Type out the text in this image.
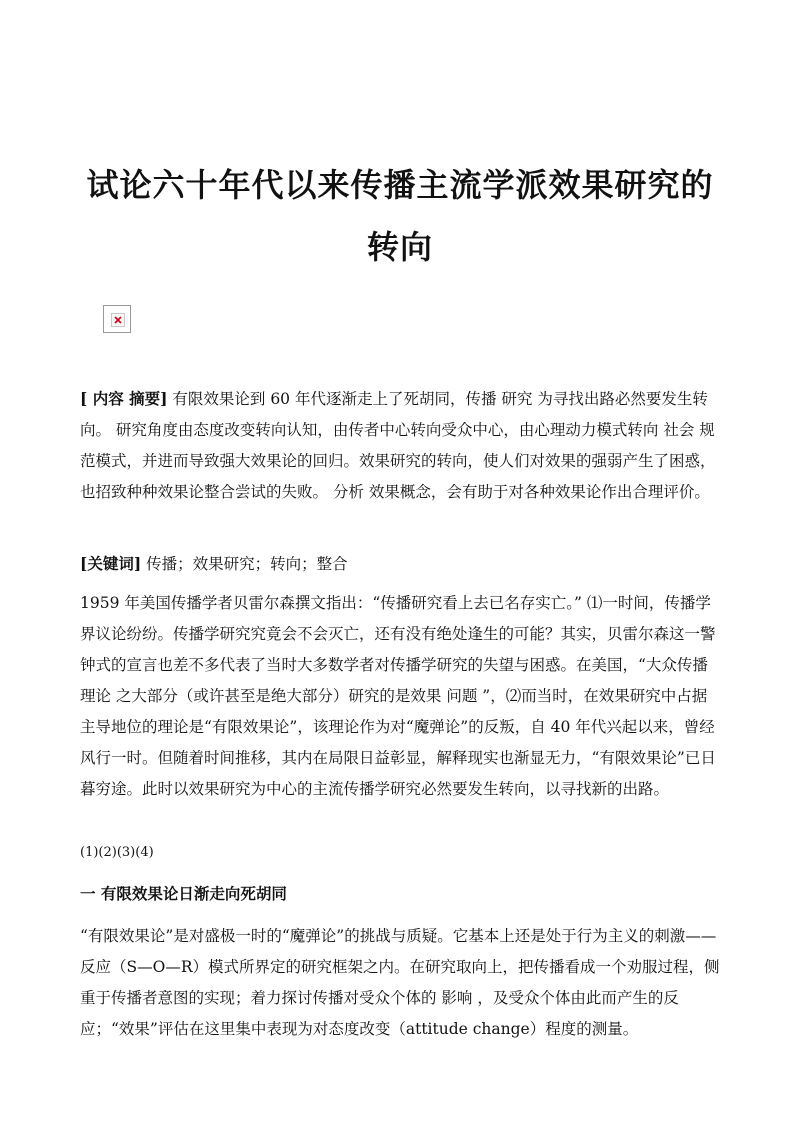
试论六十年代以来传播主流学派效果研究的
转向

[ 内容 摘要] 有限效果论到 60 年代逐渐走上了死胡同，传播 研究 为寻找出路必然要发生转向。 研究角度由态度改变转向认知，由传者中心转向受众中心，由心理动力模式转向 社会 规范模式，并进而导致强大效果论的回归。效果研究的转向，使人们对效果的强弱产生了困惑，也招致种种效果论整合尝试的失败。 分析 效果概念，会有助于对各种效果论作出合理评价。

[关键词] 传播；效果研究；转向；整合

1959 年美国传播学者贝雷尔森撰文指出：“传播研究看上去已名存实亡。” ⑴一时间，传播学界议论纷纷。传播学研究究竟会不会灭亡，还有没有绝处逢生的可能？其实，贝雷尔森这一警钟式的宣言也差不多代表了当时大多数学者对传播学研究的失望与困惑。在美国，“大众传播 理论 之大部分（或许甚至是绝大部分）研究的是效果 问题 ”，⑵而当时，在效果研究中占据主导地位的理论是“有限效果论”，该理论作为对“魔弹论”的反叛，自 40 年代兴起以来，曾经风行一时。但随着时间推移，其内在局限日益彰显，解释现实也渐显无力，“有限效果论”已日暮穷途。此时以效果研究为中心的主流传播学研究必然要发生转向，以寻找新的出路。

(1)(2)(3)(4)

一 有限效果论日渐走向死胡同

“有限效果论”是对盛极一时的“魔弹论”的挑战与质疑。它基本上还是处于行为主义的刺激——反应（S—O—R）模式所界定的研究框架之内。在研究取向上，把传播看成一个劝服过程，侧重于传播者意图的实现；着力探讨传播对受众个体的 影响 ，及受众个体由此而产生的反应；“效果”评估在这里集中表现为对态度改变（attitude change）程度的测量。
